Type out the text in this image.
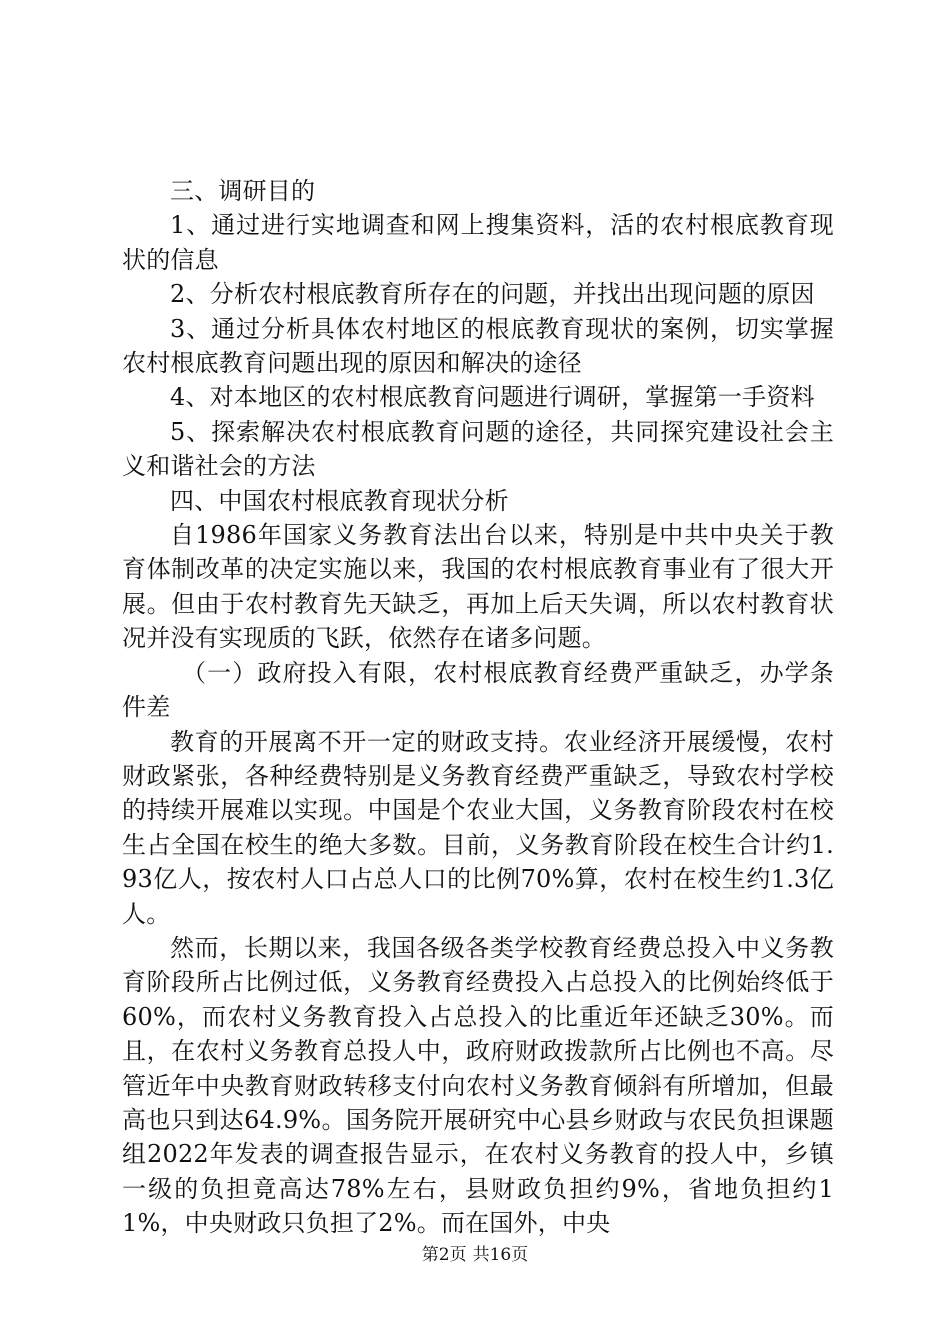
三、调研目的

1、通过进行实地调查和网上搜集资料，活的农村根底教育现状的信息

2、分析农村根底教育所存在的问题，并找出出现问题的原因

3、通过分析具体农村地区的根底教育现状的案例，切实掌握农村根底教育问题出现的原因和解决的途径

4、对本地区的农村根底教育问题进行调研，掌握第一手资料

5、探索解决农村根底教育问题的途径，共同探究建设社会主义和谐社会的方法

四、中国农村根底教育现状分析

自1986年国家义务教育法出台以来，特别是中共中央关于教育体制改革的决定实施以来，我国的农村根底教育事业有了很大开展。但由于农村教育先天缺乏，再加上后天失调，所以农村教育状况并没有实现质的飞跃，依然存在诸多问题。

（一）政府投入有限，农村根底教育经费严重缺乏，办学条件差

教育的开展离不开一定的财政支持。农业经济开展缓慢，农村财政紧张，各种经费特别是义务教育经费严重缺乏，导致农村学校的持续开展难以实现。中国是个农业大国，义务教育阶段农村在校生占全国在校生的绝大多数。目前，义务教育阶段在校生合计约1.93亿人，按农村人口占总人口的比例70%算，农村在校生约1.3亿人。

然而，长期以来，我国各级各类学校教育经费总投入中义务教育阶段所占比例过低，义务教育经费投入占总投入的比例始终低于60%，而农村义务教育投入占总投入的比重近年还缺乏30%。而且，在农村义务教育总投人中，政府财政拨款所占比例也不高。尽管近年中央教育财政转移支付向农村义务教育倾斜有所增加，但最高也只到达64.9%。国务院开展研究中心县乡财政与农民负担课题组2022年发表的调查报告显示，在农村义务教育的投人中，乡镇一级的负担竟高达78%左右，县财政负担约9%，省地负担约11%，中央财政只负担了2%。而在国外，中央

第2页 共16页
